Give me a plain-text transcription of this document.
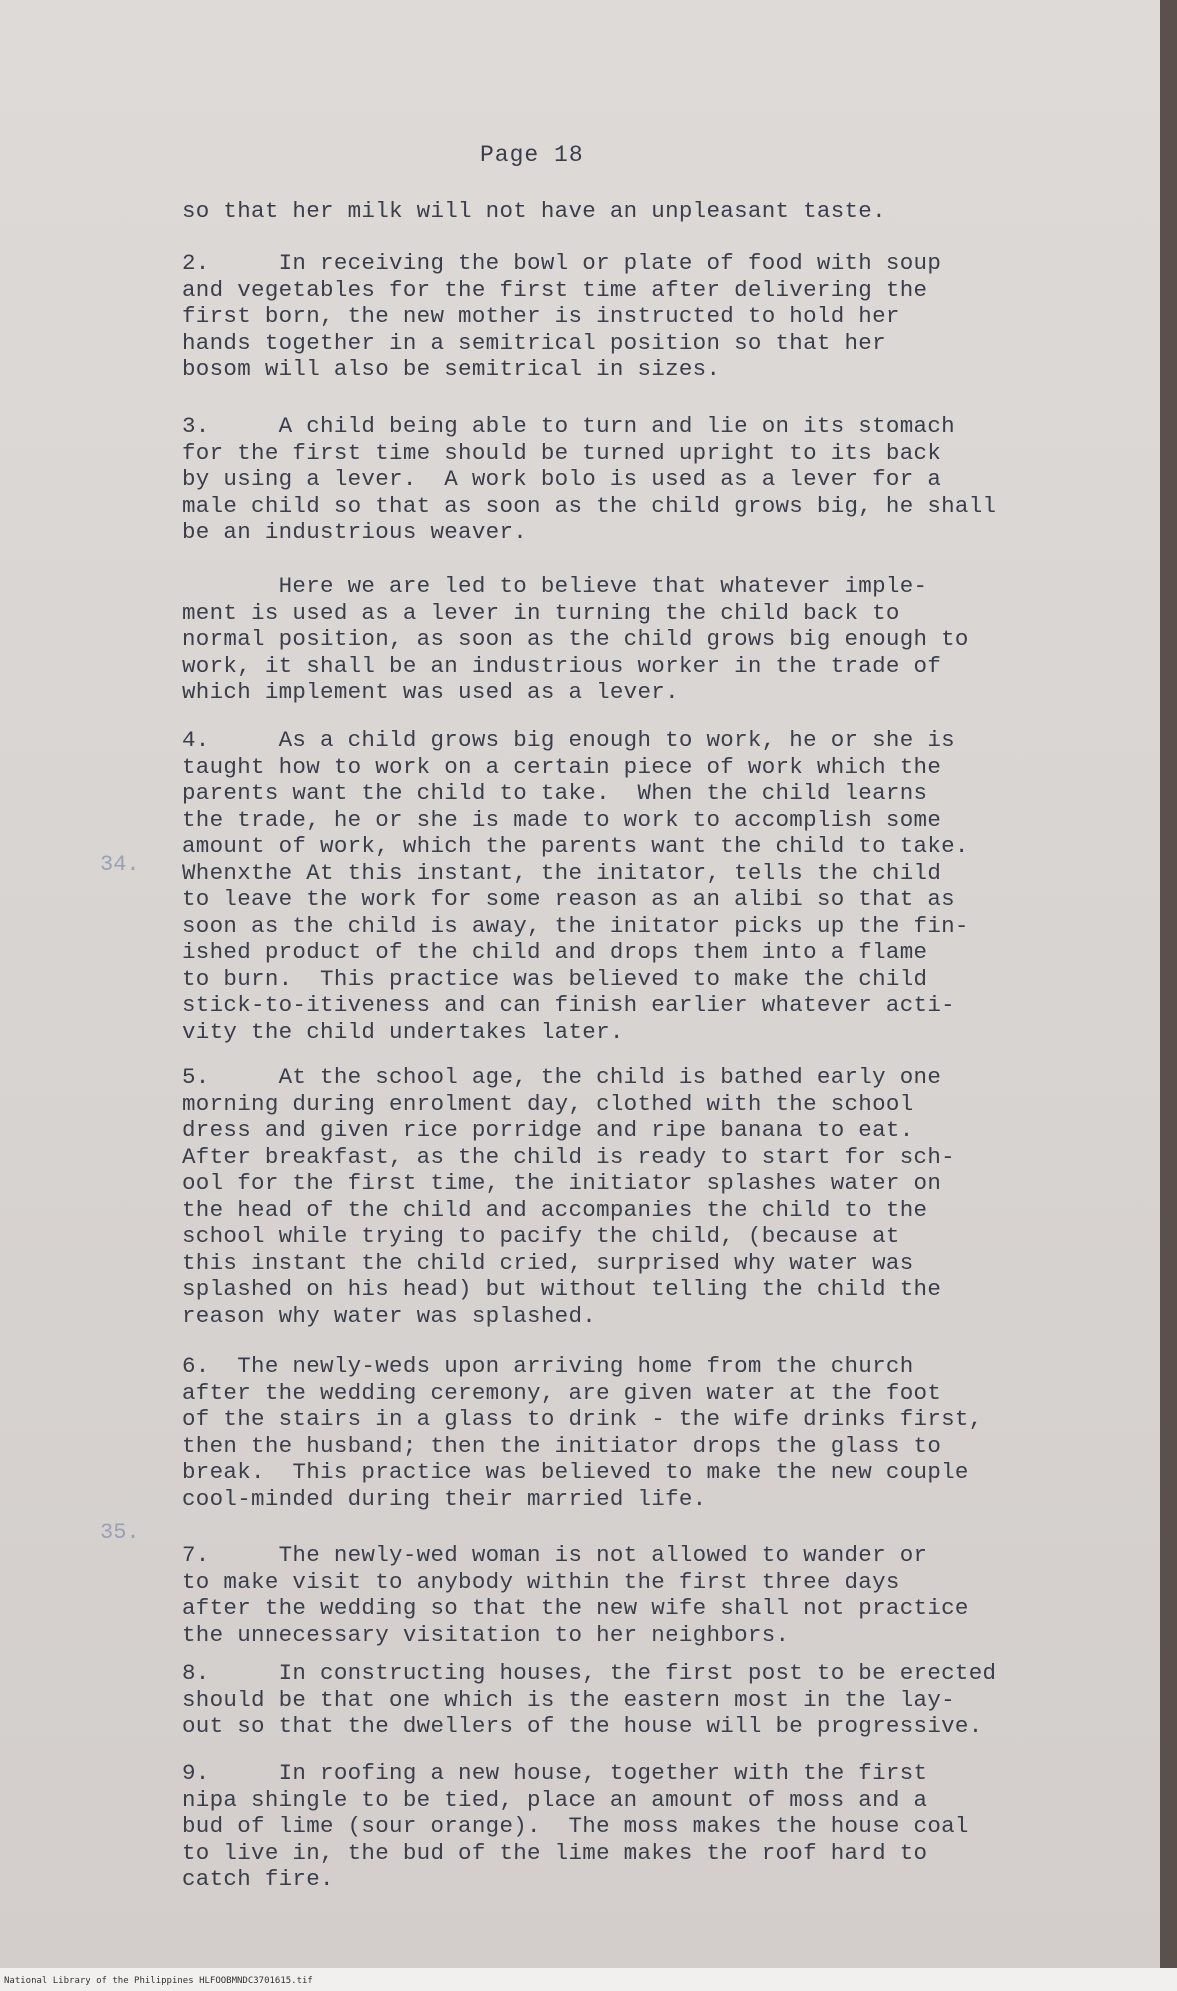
Page 18
34.
35.
so that her milk will not have an unpleasant taste.
2.     In receiving the bowl or plate of food with soup
and vegetables for the first time after delivering the
first born, the new mother is instructed to hold her
hands together in a semitrical position so that her
bosom will also be semitrical in sizes.
3.     A child being able to turn and lie on its stomach
for the first time should be turned upright to its back
by using a lever.  A work bolo is used as a lever for a
male child so that as soon as the child grows big, he shall
be an industrious weaver.
Here we are led to believe that whatever imple-
ment is used as a lever in turning the child back to
normal position, as soon as the child grows big enough to
work, it shall be an industrious worker in the trade of
which implement was used as a lever.
4.     As a child grows big enough to work, he or she is
taught how to work on a certain piece of work which the
parents want the child to take.  When the child learns
the trade, he or she is made to work to accomplish some
amount of work, which the parents want the child to take.
Whenxthe At this instant, the initator, tells the child
to leave the work for some reason as an alibi so that as
soon as the child is away, the initator picks up the fin-
ished product of the child and drops them into a flame
to burn.  This practice was believed to make the child
stick-to-itiveness and can finish earlier whatever acti-
vity the child undertakes later.
5.     At the school age, the child is bathed early one
morning during enrolment day, clothed with the school
dress and given rice porridge and ripe banana to eat.
After breakfast, as the child is ready to start for sch-
ool for the first time, the initiator splashes water on
the head of the child and accompanies the child to the
school while trying to pacify the child, (because at
this instant the child cried, surprised why water was
splashed on his head) but without telling the child the
reason why water was splashed.
6.  The newly-weds upon arriving home from the church
after the wedding ceremony, are given water at the foot
of the stairs in a glass to drink - the wife drinks first,
then the husband; then the initiator drops the glass to
break.  This practice was believed to make the new couple
cool-minded during their married life.
7.     The newly-wed woman is not allowed to wander or
to make visit to anybody within the first three days
after the wedding so that the new wife shall not practice
the unnecessary visitation to her neighbors.
8.     In constructing houses, the first post to be erected
should be that one which is the eastern most in the lay-
out so that the dwellers of the house will be progressive.
9.     In roofing a new house, together with the first
nipa shingle to be tied, place an amount of moss and a
bud of lime (sour orange).  The moss makes the house coal
to live in, the bud of the lime makes the roof hard to
catch fire.
National Library of the Philippines HLFOOBMNDC3701615.tif
